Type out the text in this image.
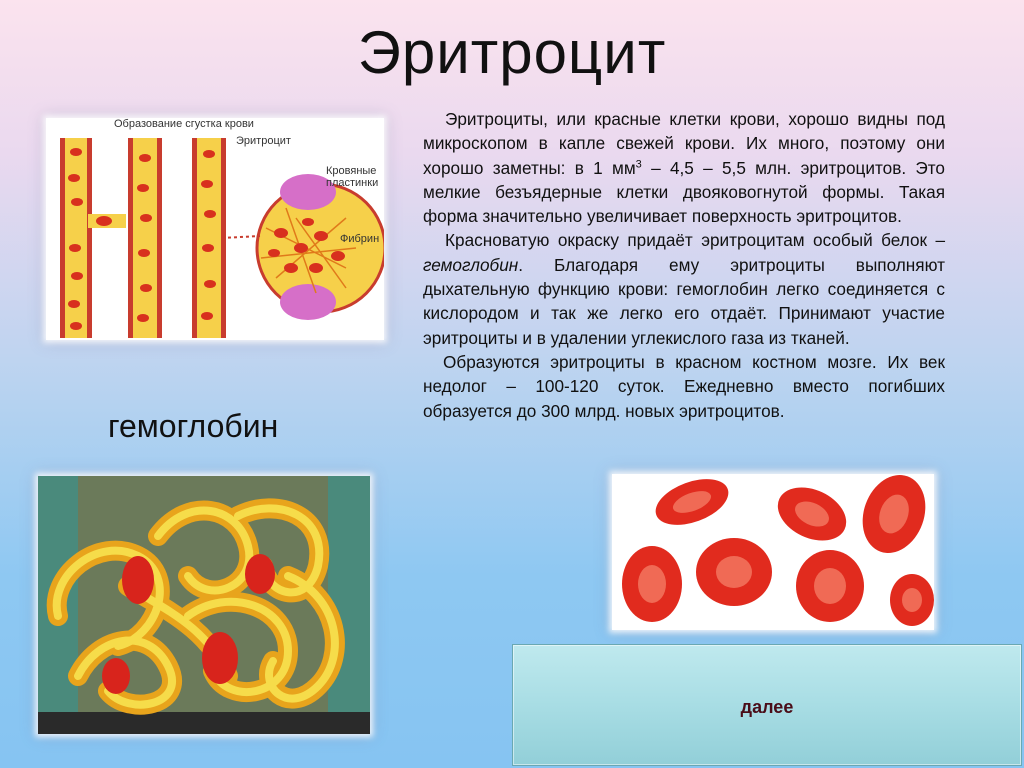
Эритроцит
Образование сгустка крови
Эритроцит
Кровяные
пластинки
Фибрин

Эритроциты, или красные клетки крови, хорошо видны под микроскопом в капле свежей крови. Их много, поэтому они хорошо заметны: в 1 $мм^3 - 4,5 - 5,5$ млн. эритроцитов. Это мелкие безъядерные клетки двояковогнутой формы. Такая форма значительно увеличивает поверхность эритроцитов.

Красноватую окраску придаёт эритроцитам особый белок – гемоглобин. Благодаря ему эритроциты выполняют дыхательную функцию крови: гемоглобин легко соединяется с кислородом и так же легко его отдаёт. Принимают участие эритроциты и в удалении углекислого газа из тканей.

Образуются эритроциты в красном костном мозге. Их век недолог – 100-120 суток. Ежедневно вместо погибших образуется до 300 млрд. новых эритроцитов.

гемоглобин
далее
